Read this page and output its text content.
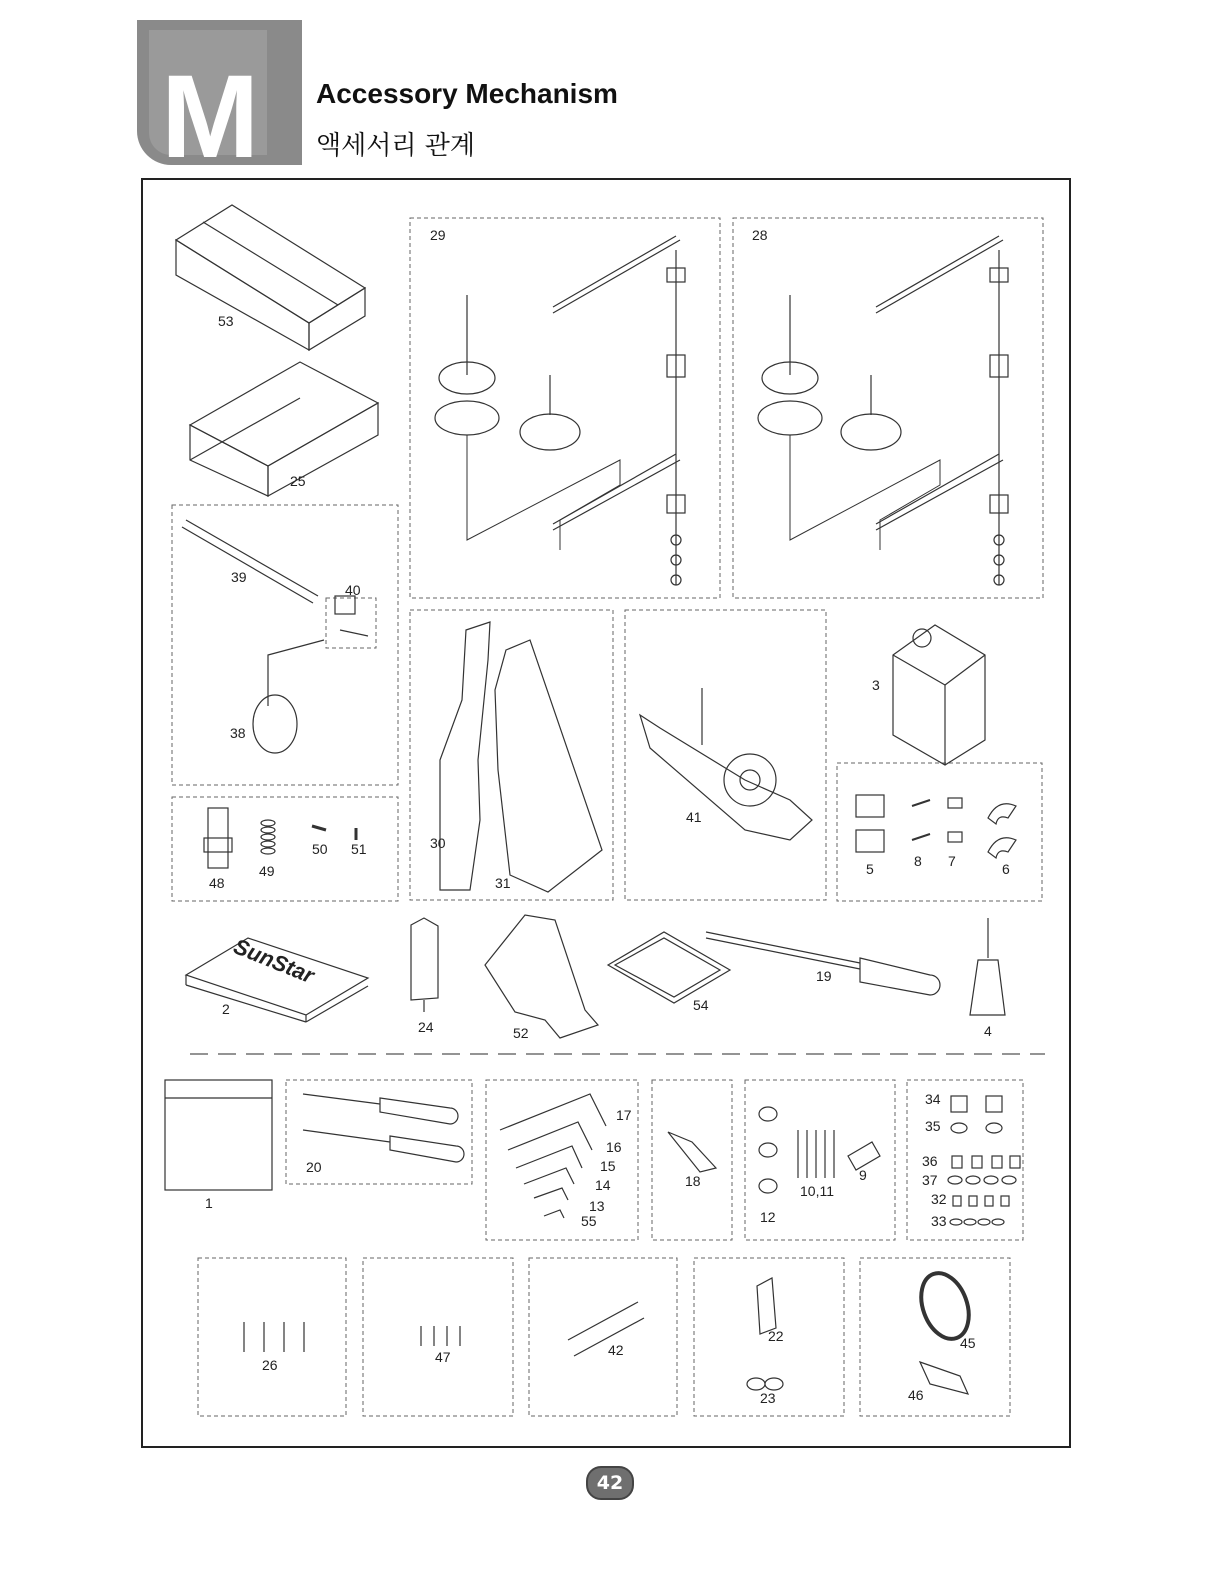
M Accessory Mechanism
액세서리 관계
SunStar
53
25
39
40
38
48
49
50 51
29	28
30
31
41
3
5	8 7	6
2
24	52
54
19
4
1
20
17
16
15
14
13
55
18
12
10,11
9
34
35
36
37
32
33
26	47	42
22
23
45
46
42
